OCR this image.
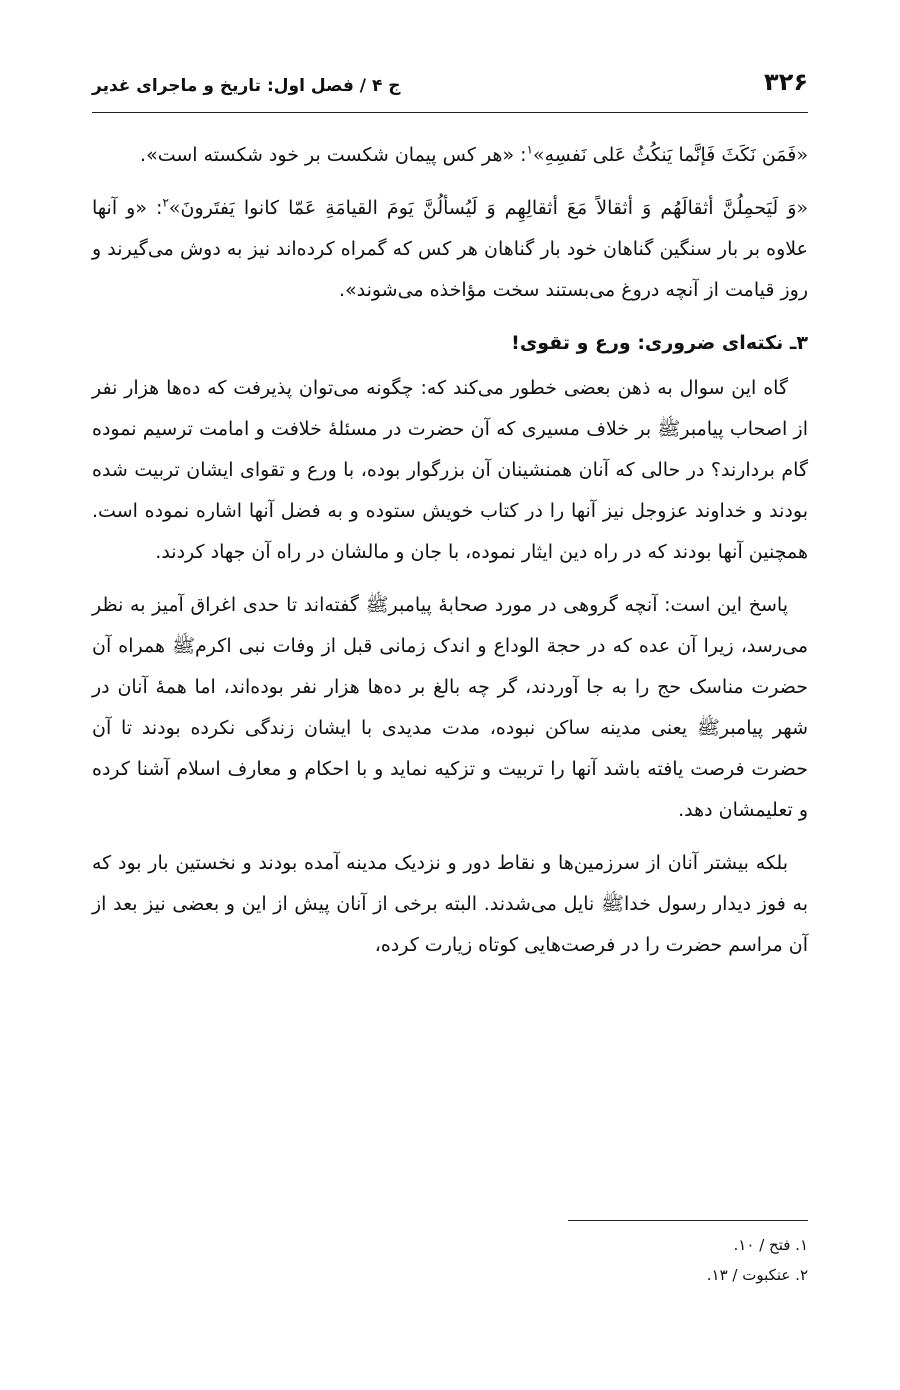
۳۲۶
ج ۴ / فصل اول: تاریخ و ماجرای غدیر

«فَمَن نَکَثَ فَإنَّما یَنکُثُ عَلی نَفسِهِ»$^۱$: «هر کس پیمان شکست بر خود شکسته است».

«وَ لَیَحمِلُنَّ أثقالَهُم وَ أثقالاً مَعَ أثقالِهِم وَ لَیُسألُنَّ یَومَ القیامَةِ عَمّا کانوا یَفتَرونَ»$^۲$: «و آنها علاوه بر بار سنگین گناهان خود بار گناهان هر کس که گمراه کرده‌اند نیز به دوش می‌گیرند و روز قیامت از آنچه دروغ می‌بستند سخت مؤاخذه می‌شوند».

۳ـ نکته‌ای ضروری: ورع و تقوی!

گاه این سوال به ذهن بعضی خطور می‌کند که: چگونه می‌توان پذیرفت که ده‌ها هزار نفر از اصحاب پیامبرﷺ بر خلاف مسیری که آن حضرت در مسئلۀ خلافت و امامت ترسیم نموده گام بردارند؟ در حالی که آنان همنشینان آن بزرگوار بوده، با ورع و تقوای ایشان تربیت شده بودند و خداوند عزوجل نیز آنها را در کتاب خویش ستوده و به فضل آنها اشاره نموده است. همچنین آنها بودند که در راه دین ایثار نموده، با جان و مالشان در راه آن جهاد کردند.

پاسخ این است: آنچه گروهی در مورد صحابۀ پیامبرﷺ گفته‌اند تا حدی اغراق آمیز به نظر می‌رسد، زیرا آن عده که در حجة الوداع و اندک زمانی قبل از وفات نبی اکرمﷺ همراه آن حضرت مناسک حج را به جا آوردند، گر چه بالغ بر ده‌ها هزار نفر بوده‌اند، اما همۀ آنان در شهر پیامبرﷺ یعنی مدینه ساکن نبوده، مدت مدیدی با ایشان زندگی نکرده بودند تا آن حضرت فرصت یافته باشد آنها را تربیت و تزکیه نماید و با احکام و معارف اسلام آشنا کرده و تعلیمشان دهد.

بلکه بیشتر آنان از سرزمین‌ها و نقاط دور و نزدیک مدینه آمده بودند و نخستین بار بود که به فوز دیدار رسول خداﷺ نایل می‌شدند. البته برخی از آنان پیش از این و بعضی نیز بعد از آن مراسم حضرت را در فرصت‌هایی کوتاه زیارت کرده،

۱. فتح / ۱۰.
۲. عنکبوت / ۱۳.
